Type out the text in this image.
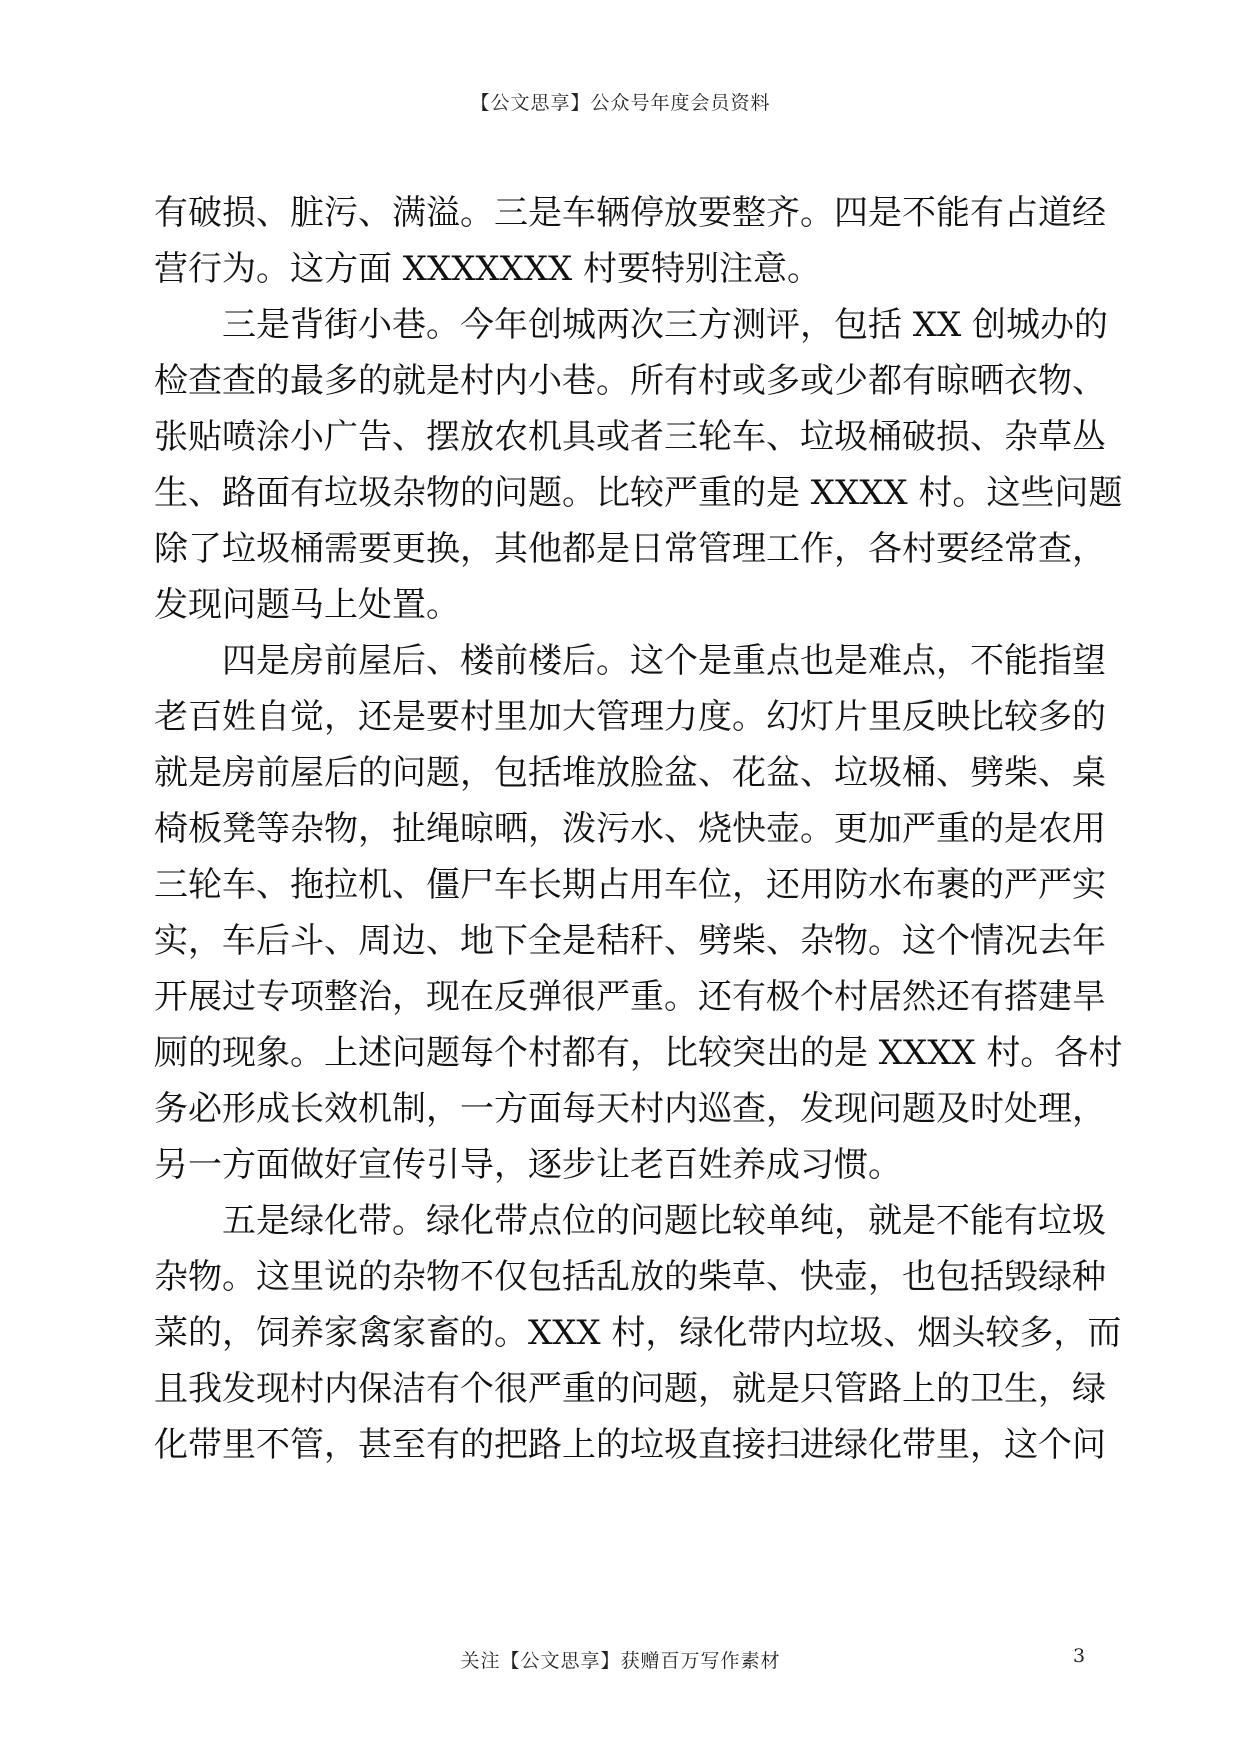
【公文思享】公众号年度会员资料
有破损、脏污、满溢。三是车辆停放要整齐。四是不能有占道经
营行为。这方面 XXXXXXX 村要特别注意。
三是背街小巷。今年创城两次三方测评，包括 XX 创城办的
检查查的最多的就是村内小巷。所有村或多或少都有晾晒衣物、
张贴喷涂小广告、摆放农机具或者三轮车、垃圾桶破损、杂草丛
生、路面有垃圾杂物的问题。比较严重的是 XXXX 村。这些问题
除了垃圾桶需要更换，其他都是日常管理工作，各村要经常查，
发现问题马上处置。
四是房前屋后、楼前楼后。这个是重点也是难点，不能指望
老百姓自觉，还是要村里加大管理力度。幻灯片里反映比较多的
就是房前屋后的问题，包括堆放脸盆、花盆、垃圾桶、劈柴、桌
椅板凳等杂物，扯绳晾晒，泼污水、烧快壶。更加严重的是农用
三轮车、拖拉机、僵尸车长期占用车位，还用防水布裹的严严实
实，车后斗、周边、地下全是秸秆、劈柴、杂物。这个情况去年
开展过专项整治，现在反弹很严重。还有极个村居然还有搭建旱
厕的现象。上述问题每个村都有，比较突出的是 XXXX 村。各村
务必形成长效机制，一方面每天村内巡查，发现问题及时处理，
另一方面做好宣传引导，逐步让老百姓养成习惯。
五是绿化带。绿化带点位的问题比较单纯，就是不能有垃圾
杂物。这里说的杂物不仅包括乱放的柴草、快壶，也包括毁绿种
菜的，饲养家禽家畜的。XXX 村，绿化带内垃圾、烟头较多，而
且我发现村内保洁有个很严重的问题，就是只管路上的卫生，绿
化带里不管，甚至有的把路上的垃圾直接扫进绿化带里，这个问
关注【公文思享】获赠百万写作素材	3
